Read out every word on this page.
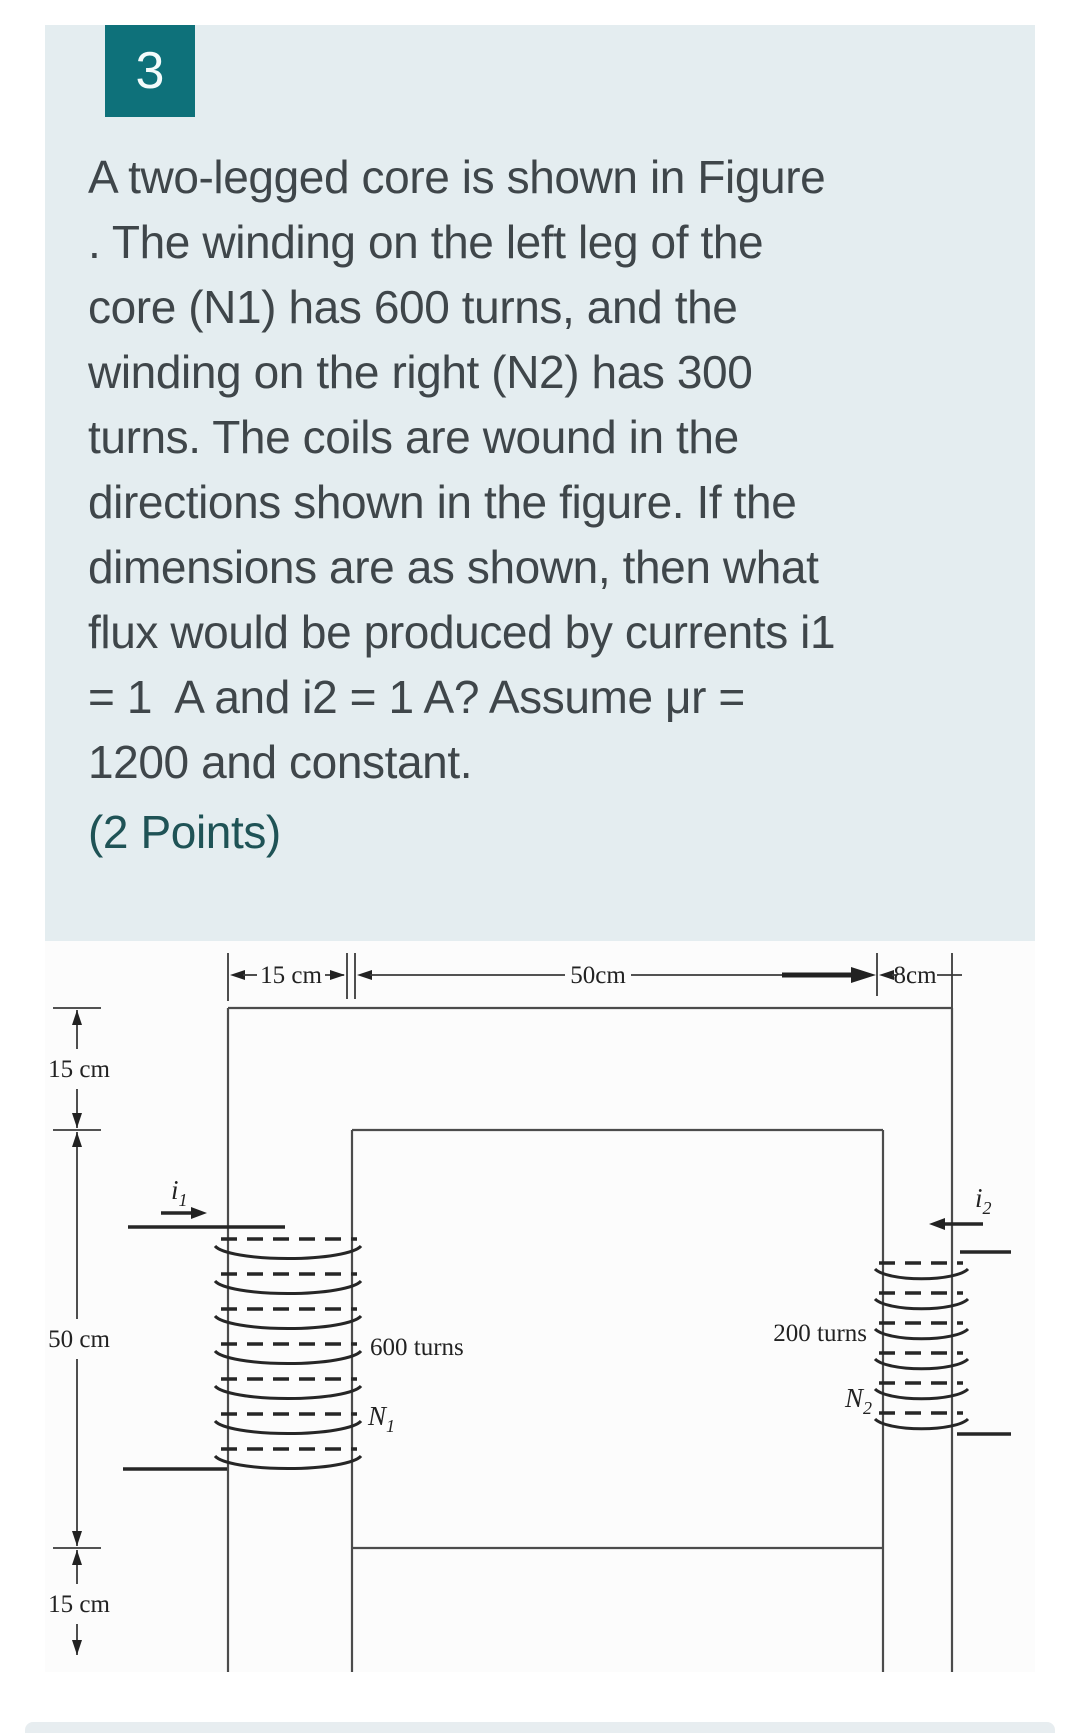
3
A two-legged core is shown in Figure
. The winding on the left leg of the
core (N1) has 600 turns, and the
winding on the right (N2) has 300
turns. The coils are wound in the
directions shown in the figure. If the
dimensions are as shown, then what
flux would be produced by currents i1
= 1  A and i2 = 1 A? Assume μr =
1200 and constant.
(2 Points)
15 cm	50cm	8cm
15 cm
50 cm
15 cm
$i_1$
600 turns
$N_1$
$i_2$
200 turns
$N_2$
